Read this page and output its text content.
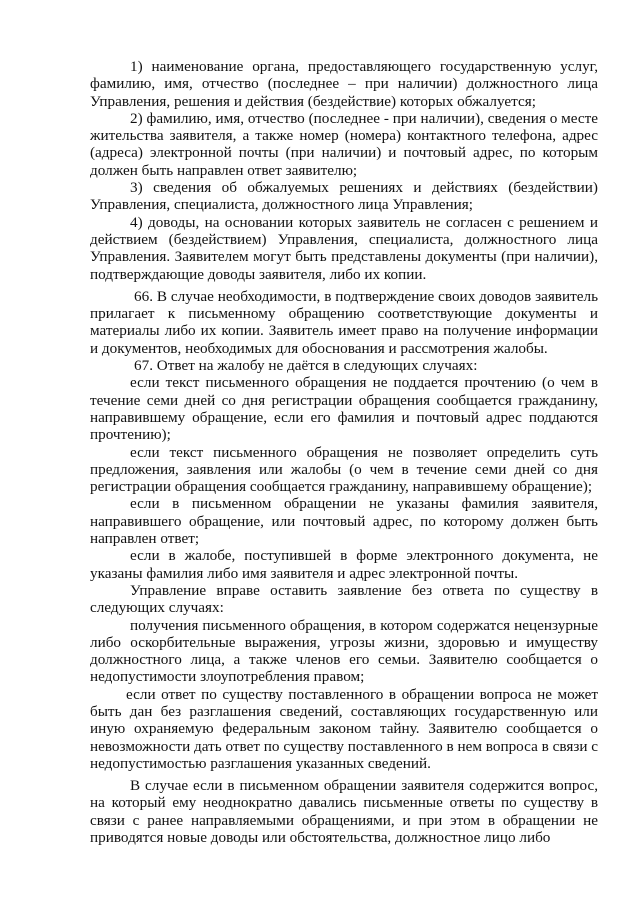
1) наименование органа, предоставляющего государственную услуг, фамилию, имя, отчество (последнее – при наличии) должностного лица Управления, решения и действия (бездействие) которых обжалуется;

2) фамилию, имя, отчество (последнее - при наличии), сведения о месте жительства заявителя, а также номер (номера) контактного телефона, адрес (адреса) электронной почты (при наличии) и почтовый адрес, по которым должен быть направлен ответ заявителю;

3) сведения об обжалуемых решениях и действиях (бездействии) Управления, специалиста, должностного лица Управления;

4) доводы, на основании которых заявитель не согласен с решением и действием (бездействием) Управления, специалиста, должностного лица Управления. Заявителем могут быть представлены документы (при наличии), подтверждающие доводы заявителя, либо их копии.

66. В случае необходимости, в подтверждение своих доводов заявитель прилагает к письменному обращению соответствующие документы и материалы либо их копии. Заявитель имеет право на получение информации и документов, необходимых для обоснования и рассмотрения жалобы.

67. Ответ на жалобу не даётся в следующих случаях:

если текст письменного обращения не поддается прочтению (о чем в течение семи дней со дня регистрации обращения сообщается гражданину, направившему обращение, если его фамилия и почтовый адрес поддаются прочтению);

если текст письменного обращения не позволяет определить суть предложения, заявления или жалобы (о чем в течение семи дней со дня регистрации обращения сообщается гражданину, направившему обращение);

если в письменном обращении не указаны фамилия заявителя, направившего обращение, или почтовый адрес, по которому должен быть направлен ответ;

если в жалобе, поступившей в форме электронного документа, не указаны фамилия либо имя заявителя и адрес электронной почты.

Управление вправе оставить заявление без ответа по существу в следующих случаях:

получения письменного обращения, в котором содержатся нецензурные либо оскорбительные выражения, угрозы жизни, здоровью и имуществу должностного лица, а также членов его семьи. Заявителю сообщается о недопустимости злоупотребления правом;

если ответ по существу поставленного в обращении вопроса не может быть дан без разглашения сведений, составляющих государственную или иную охраняемую федеральным законом тайну. Заявителю сообщается о невозможности дать ответ по существу поставленного в нем вопроса в связи с недопустимостью разглашения указанных сведений.

В случае если в письменном обращении заявителя содержится вопрос, на который ему неоднократно давались письменные ответы по существу в связи с ранее направляемыми обращениями, и при этом в обращении не приводятся новые доводы или обстоятельства, должностное лицо либо
